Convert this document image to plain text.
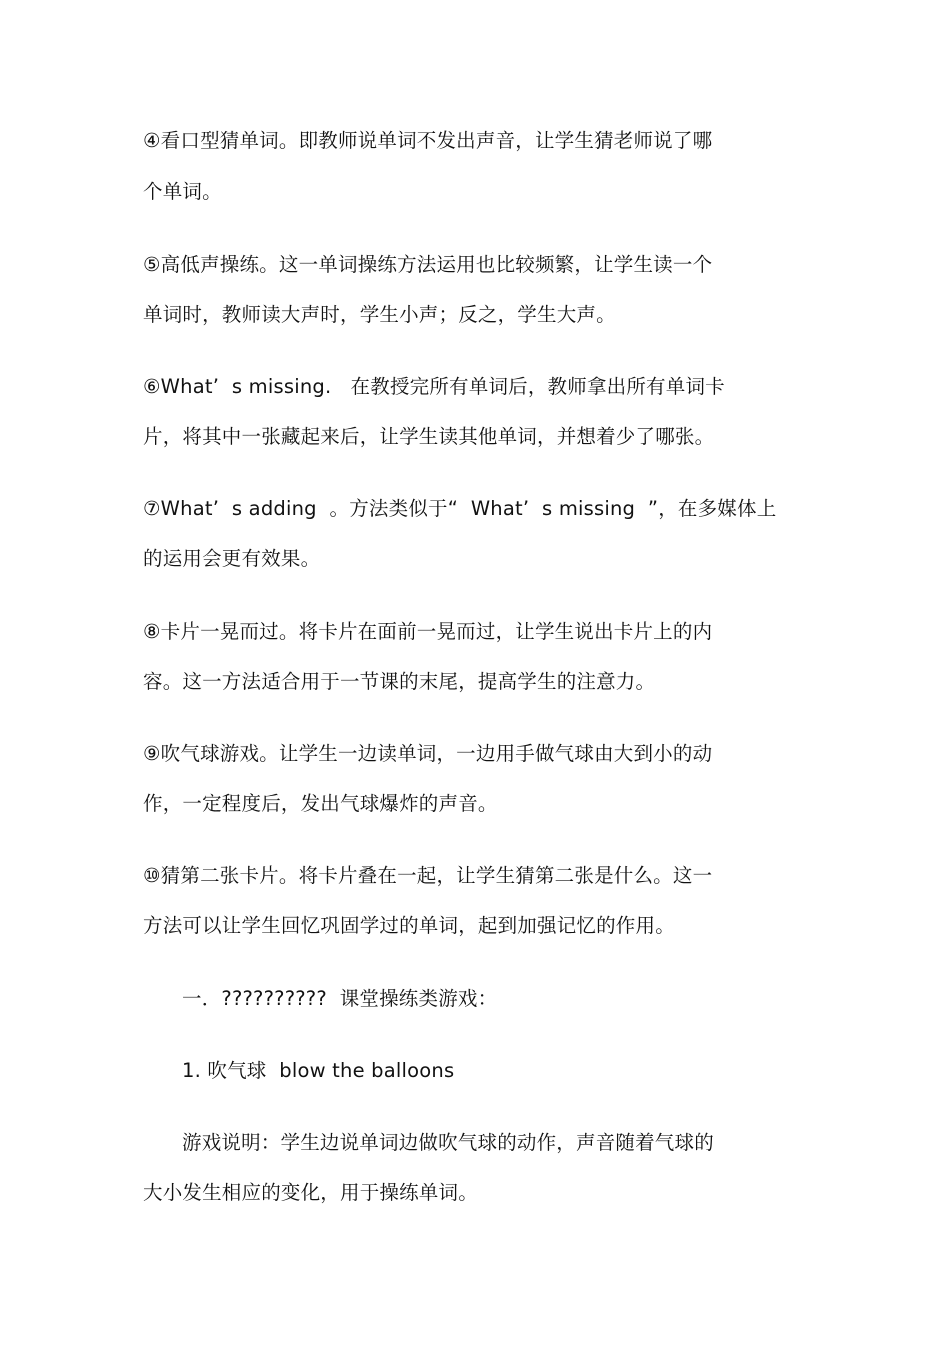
④看口型猜单词。即教师说单词不发出声音，让学生猜老师说了哪
个单词。
⑤高低声操练。这一单词操练方法运用也比较频繁，让学生读一个
单词时，教师读大声时，学生小声；反之，学生大声。
⑥What’  s missing.   在教授完所有单词后，教师拿出所有单词卡
片，将其中一张藏起来后，让学生读其他单词，并想着少了哪张。
⑦What’  s adding  。方法类似于“  What’  s missing  ”，在多媒体上
的运用会更有效果。
⑧卡片一晃而过。将卡片在面前一晃而过，让学生说出卡片上的内
容。这一方法适合用于一节课的末尾，提高学生的注意力。
⑨吹气球游戏。让学生一边读单词，一边用手做气球由大到小的动
作，一定程度后，发出气球爆炸的声音。
⑩猜第二张卡片。将卡片叠在一起，让学生猜第二张是什么。这一
方法可以让学生回忆巩固学过的单词，起到加强记忆的作用。
一．??????????  课堂操练类游戏：
1. 吹气球  blow the balloons
游戏说明：学生边说单词边做吹气球的动作，声音随着气球的
大小发生相应的变化，用于操练单词。
